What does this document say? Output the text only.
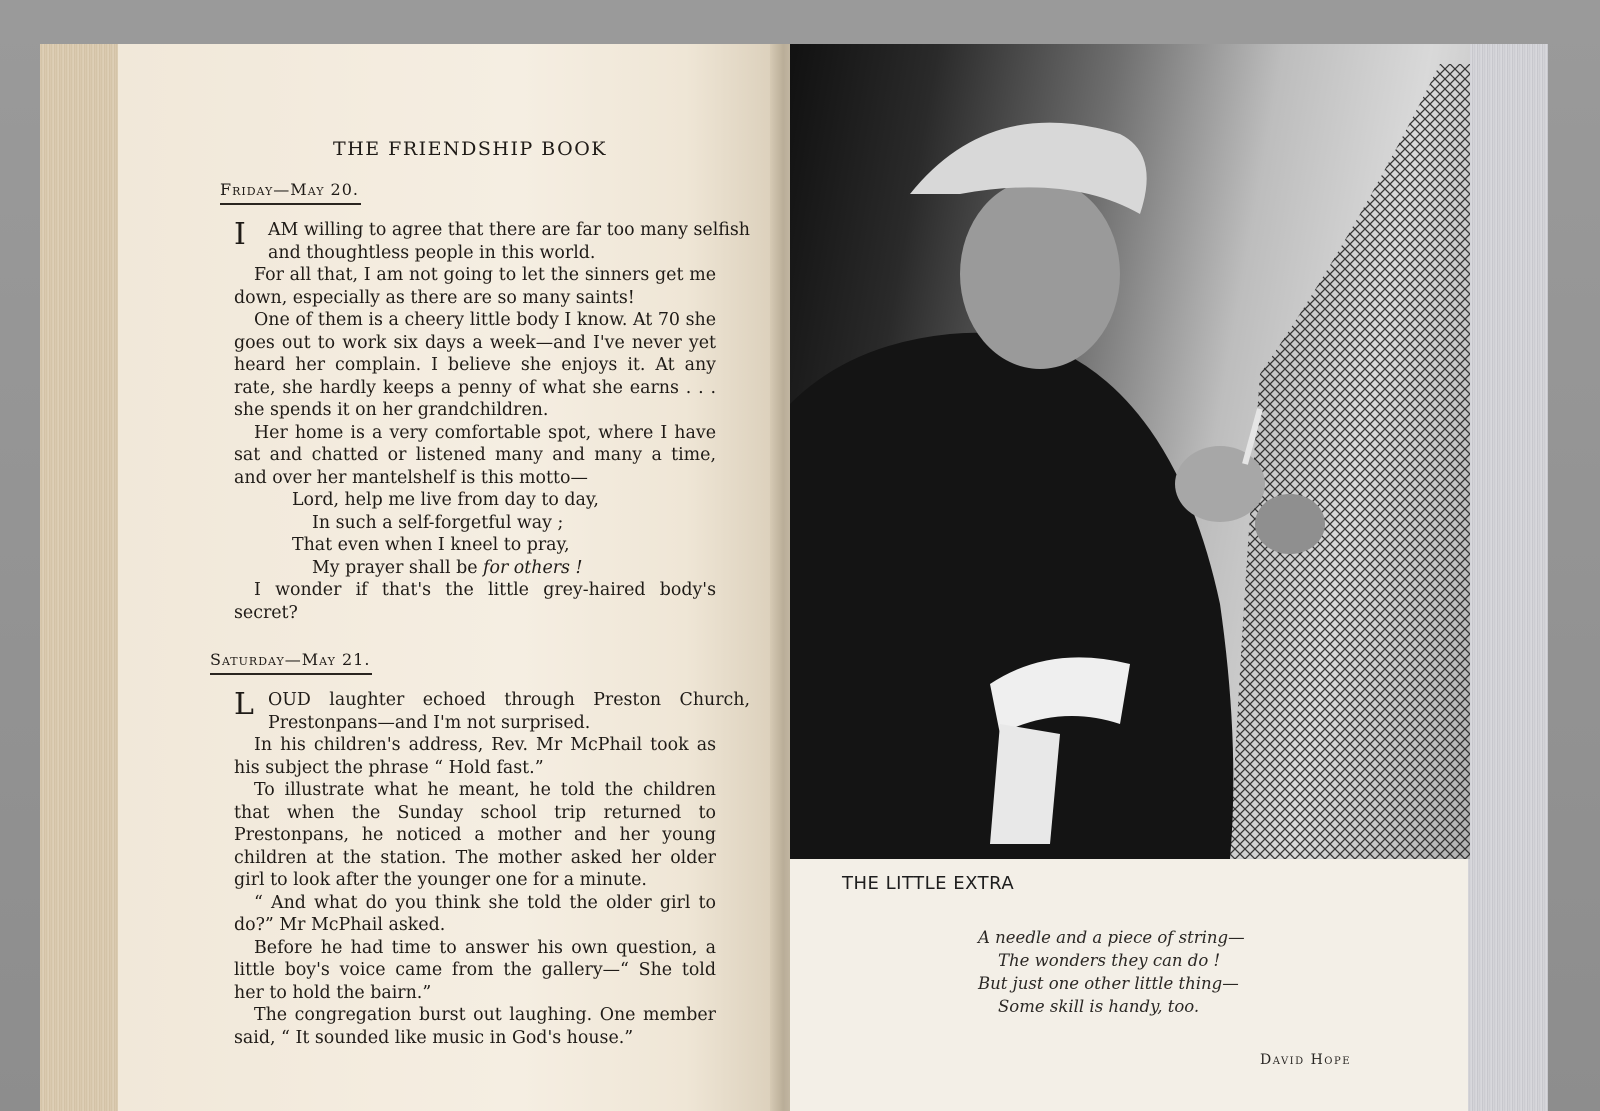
THE FRIENDSHIP BOOK
Friday—May 20.

I AM willing to agree that there are far too many selfish and thoughtless people in this world.

For all that, I am not going to let the sinners get me down, especially as there are so many saints!

One of them is a cheery little body I know. At 70 she goes out to work six days a week—and I've never yet heard her complain. I believe she enjoys it. At any rate, she hardly keeps a penny of what she earns . . . she spends it on her grandchildren.

Her home is a very comfortable spot, where I have sat and chatted or listened many and many a time, and over her mantelshelf is this motto—

Lord, help me live from day to day,

In such a self-forgetful way ;

That even when I kneel to pray,

My prayer shall be for others !

I wonder if that's the little grey-haired body's secret?

Saturday—May 21.

L OUD laughter echoed through Preston Church, Prestonpans—and I'm not surprised.

In his children's address, Rev. Mr McPhail took as his subject the phrase “ Hold fast.”

To illustrate what he meant, he told the children that when the Sunday school trip returned to Prestonpans, he noticed a mother and her young children at the station. The mother asked her older girl to look after the younger one for a minute.

“ And what do you think she told the older girl to do?” Mr McPhail asked.

Before he had time to answer his own question, a little boy's voice came from the gallery—“ She told her to hold the bairn.”

The congregation burst out laughing. One member said, “ It sounded like music in God's house.”

THE LITTLE EXTRA
A needle and a piece of string—
The wonders they can do !
But just one other little thing—
Some skill is handy, too.
David Hope
